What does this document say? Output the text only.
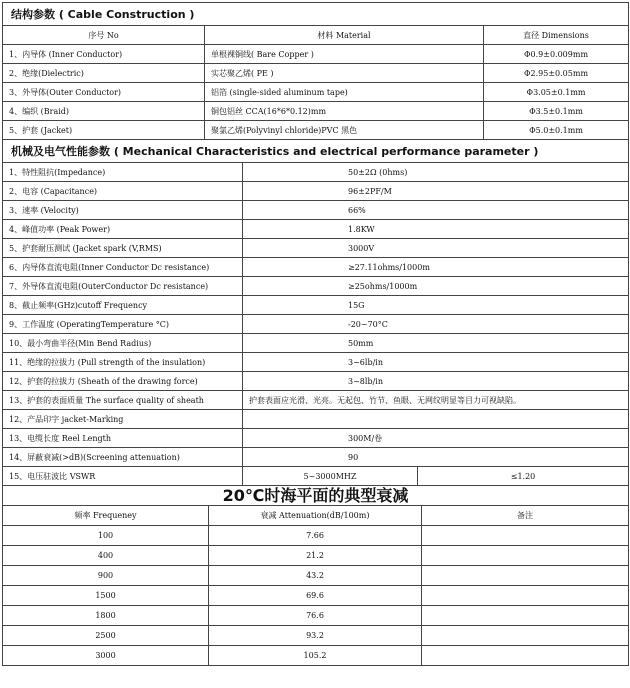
结构参数 ( Cable Construction )		
序号 No	材料 Material	直径 Dimensions
1、内导体 (Inner Conductor)	单根裸铜线( Bare Copper )	Φ0.9±0.009mm
2、绝缘(Dielectric)	实芯聚乙烯( PE )	Φ2.95±0.05mm
3、外导体(Outer Conductor)	铝箔 (single-sided aluminum tape)	Φ3.05±0.1mm
4、编织 (Braid)	铜包铝丝 CCA(16*6*0.12)mm	Φ3.5±0.1mm
5、护套 (Jacket)	聚氯乙烯(Polyvinyl chloride)PVC 黑色	Φ5.0±0.1mm
机械及电气性能参数 ( Mechanical Characteristics and electrical performance parameter )		
1、特性阻抗(Impedance)	50±2Ω (0hms)	
2、电容 (Capacitance)	96±2PF/M	
3、速率 (Velocity)	66%	
4、峰值功率 (Peak Power)	1.8KW	
5、护套耐压测试 (Jacket spark (V,RMS)	3000V	
6、内导体直流电阻(Inner Conductor Dc resistance)	≥27.11ohms/1000m	
7、外导体直流电阻(OuterConductor Dc resistance)	≥25ohms/1000m	
8、截止频率(GHz)cutoff Frequency	15G	
9、工作温度 (OperatingTemperature °C)	-20~70°C	
10、最小弯曲半径(Min Bend Radius)	50mm	
11、绝缘的拉拔力 (Pull strength of the insulation)	3~6lb/in	
12、护套的拉拔力 (Sheath of the drawing force)	3~8lb/in	
13、护套的表面质量 The surface quality of sheath	护套表面应光滑、光亮。无起包、竹节、鱼眼、无网纹明显等目力可视缺陷。	
12、产品印字 jacket-Marking		
13、电缆长度 Reel Length	300M/卷	
14、屏蔽衰减(>dB)(Screening attenuation)	90	
15、电压驻波比 VSWR	5~3000MHZ	≤1.20
20℃时海平面的典型衰减		
频率 Frequeney	衰减 Attenuation(dB/100m)	备注
100	7.66	
400	21.2	
900	43.2	
1500	69.6	
1800	76.6	
2500	93.2	
3000	105.2	
